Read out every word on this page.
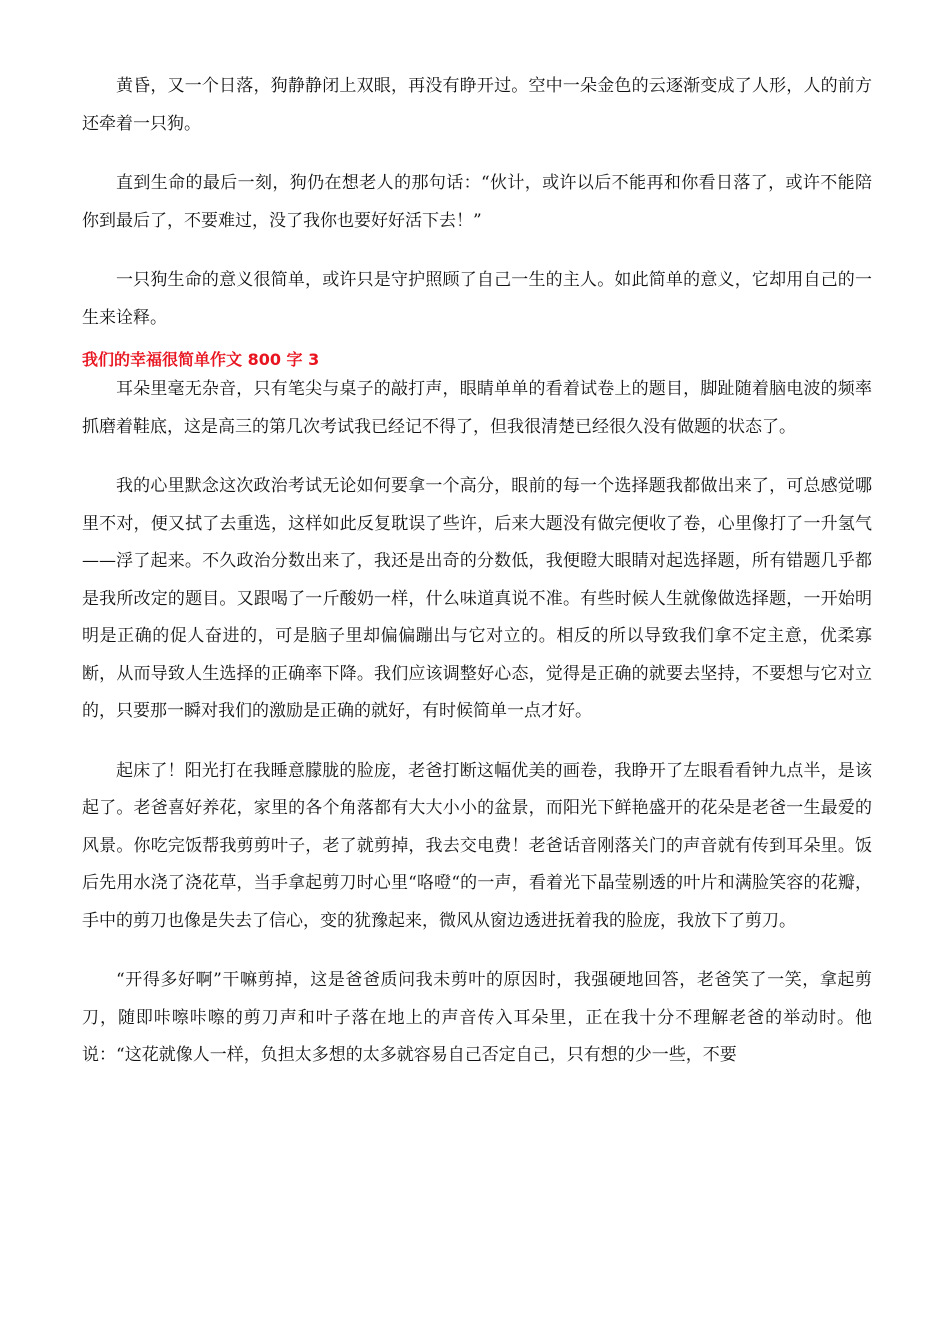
黄昏，又一个日落，狗静静闭上双眼，再没有睁开过。空中一朵金色的云逐渐变成了人形，人的前方还牵着一只狗。

直到生命的最后一刻，狗仍在想老人的那句话：“伙计，或许以后不能再和你看日落了，或许不能陪你到最后了，不要难过，没了我你也要好好活下去！”

一只狗生命的意义很简单，或许只是守护照顾了自己一生的主人。如此简单的意义，它却用自己的一生来诠释。

我们的幸福很简单作文 800 字 3

耳朵里毫无杂音，只有笔尖与桌子的敲打声，眼睛单单的看着试卷上的题目，脚趾随着脑电波的频率抓磨着鞋底，这是高三的第几次考试我已经记不得了，但我很清楚已经很久没有做题的状态了。

我的心里默念这次政治考试无论如何要拿一个高分，眼前的每一个选择题我都做出来了，可总感觉哪里不对，便又拭了去重选，这样如此反复耽误了些许，后来大题没有做完便收了卷，心里像打了一升氢气——浮了起来。不久政治分数出来了，我还是出奇的分数低，我便瞪大眼睛对起选择题，所有错题几乎都是我所改定的题目。又跟喝了一斤酸奶一样，什么味道真说不准。有些时候人生就像做选择题，一开始明明是正确的促人奋进的，可是脑子里却偏偏蹦出与它对立的。相反的所以导致我们拿不定主意，优柔寡断，从而导致人生选择的正确率下降。我们应该调整好心态，觉得是正确的就要去坚持，不要想与它对立的，只要那一瞬对我们的激励是正确的就好，有时候简单一点才好。

起床了！阳光打在我睡意朦胧的脸庞，老爸打断这幅优美的画卷，我睁开了左眼看看钟九点半，是该起了。老爸喜好养花，家里的各个角落都有大大小小的盆景，而阳光下鲜艳盛开的花朵是老爸一生最爱的风景。你吃完饭帮我剪剪叶子，老了就剪掉，我去交电费！老爸话音刚落关门的声音就有传到耳朵里。饭后先用水浇了浇花草，当手拿起剪刀时心里“咯噔“的一声，看着光下晶莹剔透的叶片和满脸笑容的花瓣，手中的剪刀也像是失去了信心，变的犹豫起来，微风从窗边透进抚着我的脸庞，我放下了剪刀。

“开得多好啊”干嘛剪掉，这是爸爸质问我未剪叶的原因时，我强硬地回答，老爸笑了一笑，拿起剪刀，随即咔嚓咔嚓的剪刀声和叶子落在地上的声音传入耳朵里，正在我十分不理解老爸的举动时。他说：“这花就像人一样，负担太多想的太多就容易自己否定自己，只有想的少一些，不要
